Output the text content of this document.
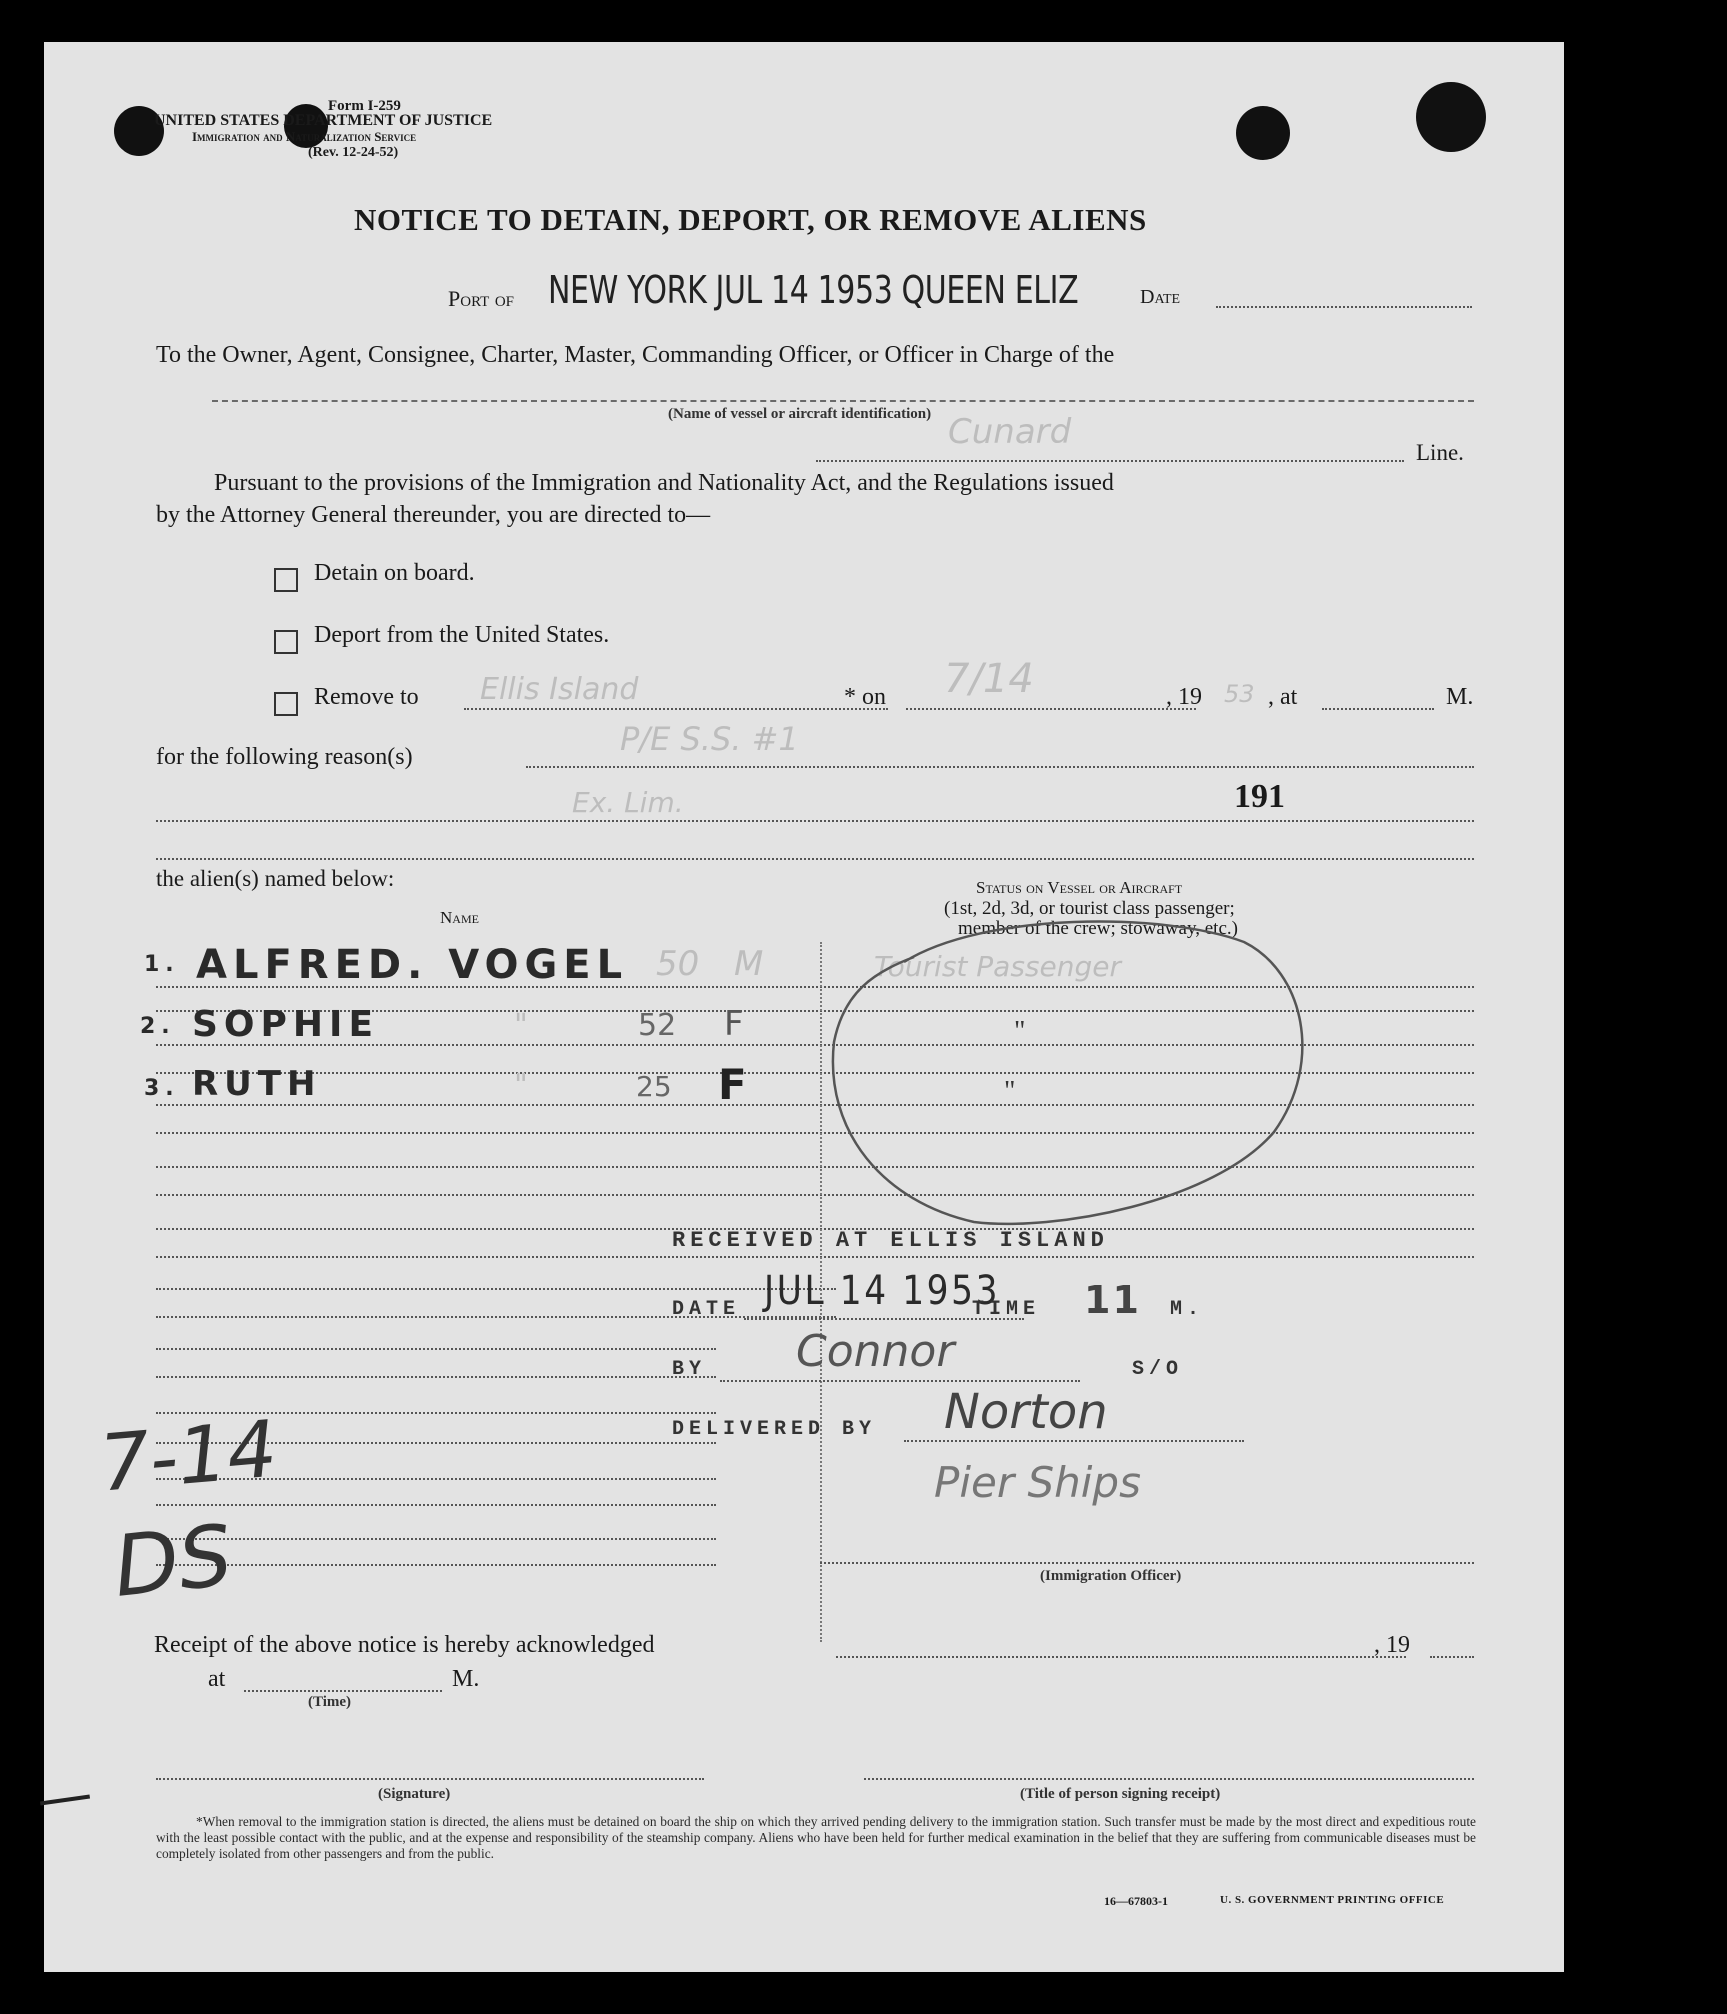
Form I-259
UNITED STATES DEPARTMENT OF JUSTICE
Immigration and Naturalization Service
(Rev. 12-24-52)
NOTICE TO DETAIN, DEPORT, OR REMOVE ALIENS
Port of NEW YORK JUL 14 1953 QUEEN ELIZ	Date
To the Owner, Agent, Consignee, Charter, Master, Commanding Officer, or Officer in Charge of the
(Name of vessel or aircraft identification) Cunard
Line.
Pursuant to the provisions of the Immigration and Nationality Act, and the Regulations issued
by the Attorney General thereunder, you are directed to—
Detain on board.
Deport from the United States.
Remove to Ellis Island	* on 7/14	, 19 53 , at	M.
for the following reason(s)	P/E S.S. #1
191
Ex. Lim.
the alien(s) named below:
Name
Status on Vessel or Aircraft
(1st, 2d, 3d, or tourist class passenger;
member of the crew; stowaway, etc.)
1. ALFRED. VOGEL 50 M	Tourist Passenger
2. SOPHIE	"	52 F	"
3. RUTH	"	25 F	"
RECEIVED AT ELLIS ISLAND
DATE JUL 14 1953
TIME 11 M.
BY Connor	S/O
DELIVERED BY Norton
Pier Ships
(Immigration Officer)
7-14
DS
Receipt of the above notice is hereby acknowledged	, 19
at	M.
(Time)
(Signature)	(Title of person signing receipt)
*When removal to the immigration station is directed, the aliens must be detained on board the ship on which they arrived pending delivery to the immigration station. Such transfer must be made by the most direct and expeditious route with the least possible contact with the public, and at the expense and responsibility of the steamship company. Aliens who have been held for further medical examination in the belief that they are suffering from communicable diseases must be completely isolated from other passengers and from the public.
16—67803-1	U. S. GOVERNMENT PRINTING OFFICE
